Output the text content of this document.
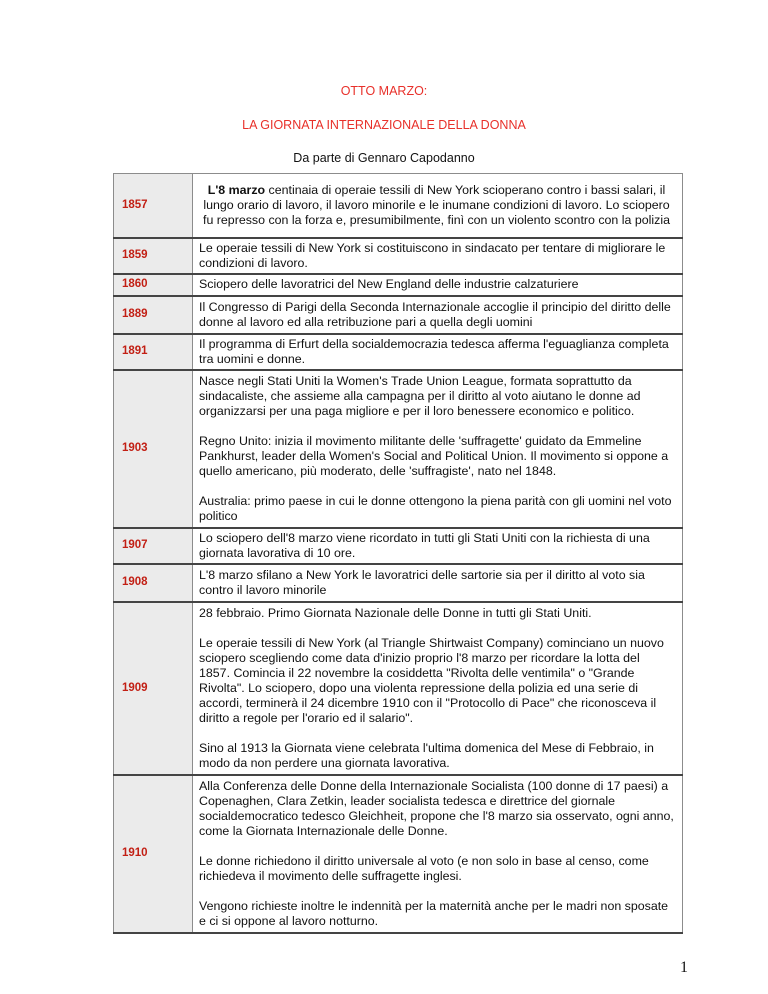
OTTO MARZO:
LA GIORNATA INTERNAZIONALE DELLA DONNA
Da parte di Gennaro Capodanno
1857	L'8 marzo centinaia di operaie tessili di New York scioperano contro i bassi salari, il lungo orario di lavoro, il lavoro minorile e le inumane condizioni di lavoro. Lo sciopero fu represso con la forza e, presumibilmente, finì con un violento scontro con la polizia
1859	Le operaie tessili di New York si costituiscono in sindacato per tentare di migliorare le condizioni di lavoro.
1860	Sciopero delle lavoratrici del New England delle industrie calzaturiere
1889	Il Congresso di Parigi della Seconda Internazionale accoglie il principio del diritto delle donne al lavoro ed alla retribuzione pari a quella degli uomini
1891	Il programma di Erfurt della socialdemocrazia tedesca afferma l'eguaglianza completa tra uomini e donne.
1903	Nasce negli Stati Uniti la Women's Trade Union League, formata soprattutto da sindacaliste, che assieme alla campagna per il diritto al voto aiutano le donne ad organizzarsi per una paga migliore e per il loro benessere economico e politico.

Regno Unito: inizia il movimento militante delle 'suffragette' guidato da Emmeline Pankhurst, leader della Women's Social and Political Union. Il movimento si oppone a quello americano, più moderato, delle 'suffragiste', nato nel 1848.

Australia: primo paese in cui le donne ottengono la piena parità con gli uomini nel voto politico

1907	Lo sciopero dell'8 marzo viene ricordato in tutti gli Stati Uniti con la richiesta di una giornata lavorativa di 10 ore.
1908	L'8 marzo sfilano a New York le lavoratrici delle sartorie sia per il diritto al voto sia contro il lavoro minorile
1909	28 febbraio. Primo Giornata Nazionale delle Donne in tutti gli Stati Uniti.

Le operaie tessili di New York (al Triangle Shirtwaist Company) cominciano un nuovo sciopero scegliendo come data d'inizio proprio l'8 marzo per ricordare la lotta del 1857. Comincia il 22 novembre la cosiddetta "Rivolta delle ventimila" o "Grande Rivolta". Lo sciopero, dopo una violenta repressione della polizia ed una serie di accordi, terminerà il 24 dicembre 1910 con il "Protocollo di Pace" che riconosceva il diritto a regole per l'orario ed il salario".

Sino al 1913 la Giornata viene celebrata l'ultima domenica del Mese di Febbraio, in modo da non perdere una giornata lavorativa.

1910	Alla Conferenza delle Donne della Internazionale Socialista (100 donne di 17 paesi) a Copenaghen, Clara Zetkin, leader socialista tedesca e direttrice del giornale socialdemocratico tedesco Gleichheit, propone che l'8 marzo sia osservato, ogni anno, come la Giornata Internazionale delle Donne.

Le donne richiedono il diritto universale al voto (e non solo in base al censo, come richiedeva il movimento delle suffragette inglesi.

Vengono richieste inoltre le indennità per la maternità anche per le madri non sposate e ci si oppone al lavoro notturno.

1
